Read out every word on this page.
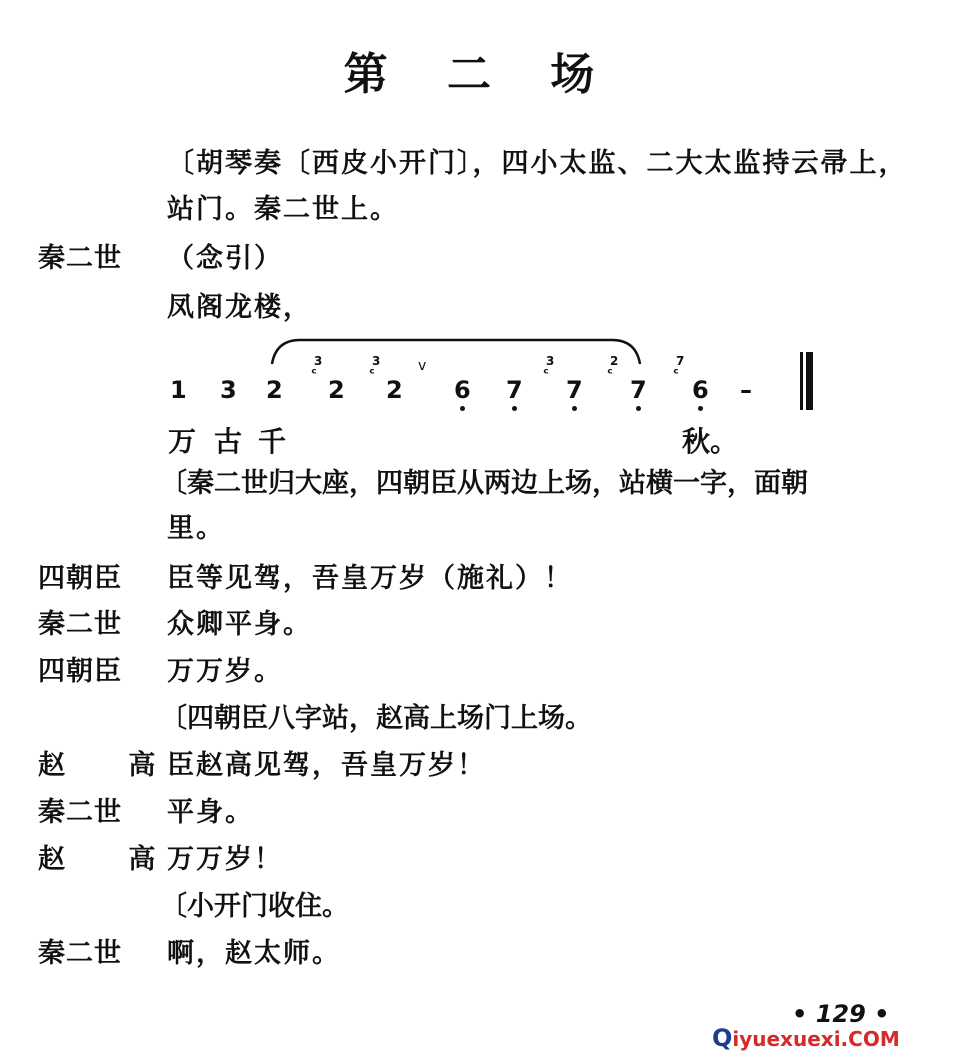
第 二 场
〔胡琴奏〔西皮小开门〕，四小太监、二大太监持云帚上，
站门。秦二世上。
秦二世 （念引）
凤阁龙楼，
1 3 2
3
ᶜ
2
3
ᶜ
2
v
6 7
3
ᶜ
7
2
ᶜ
7
7
ᶜ
6 –
万 古 千	秋。
〔秦二世归大座，四朝臣从两边上场，站横一字，面朝
里。
四朝臣 臣等见驾，吾皇万岁（施礼）！
秦二世 众卿平身。
四朝臣 万万岁。
〔四朝臣八字站，赵高上场门上场。
赵 高
臣赵高见驾，吾皇万岁！
秦二世 平身。
赵 高
万万岁！
〔小开门收住。
秦二世 啊，赵太师。
• 129 •
Qiyuexuexi.COM
